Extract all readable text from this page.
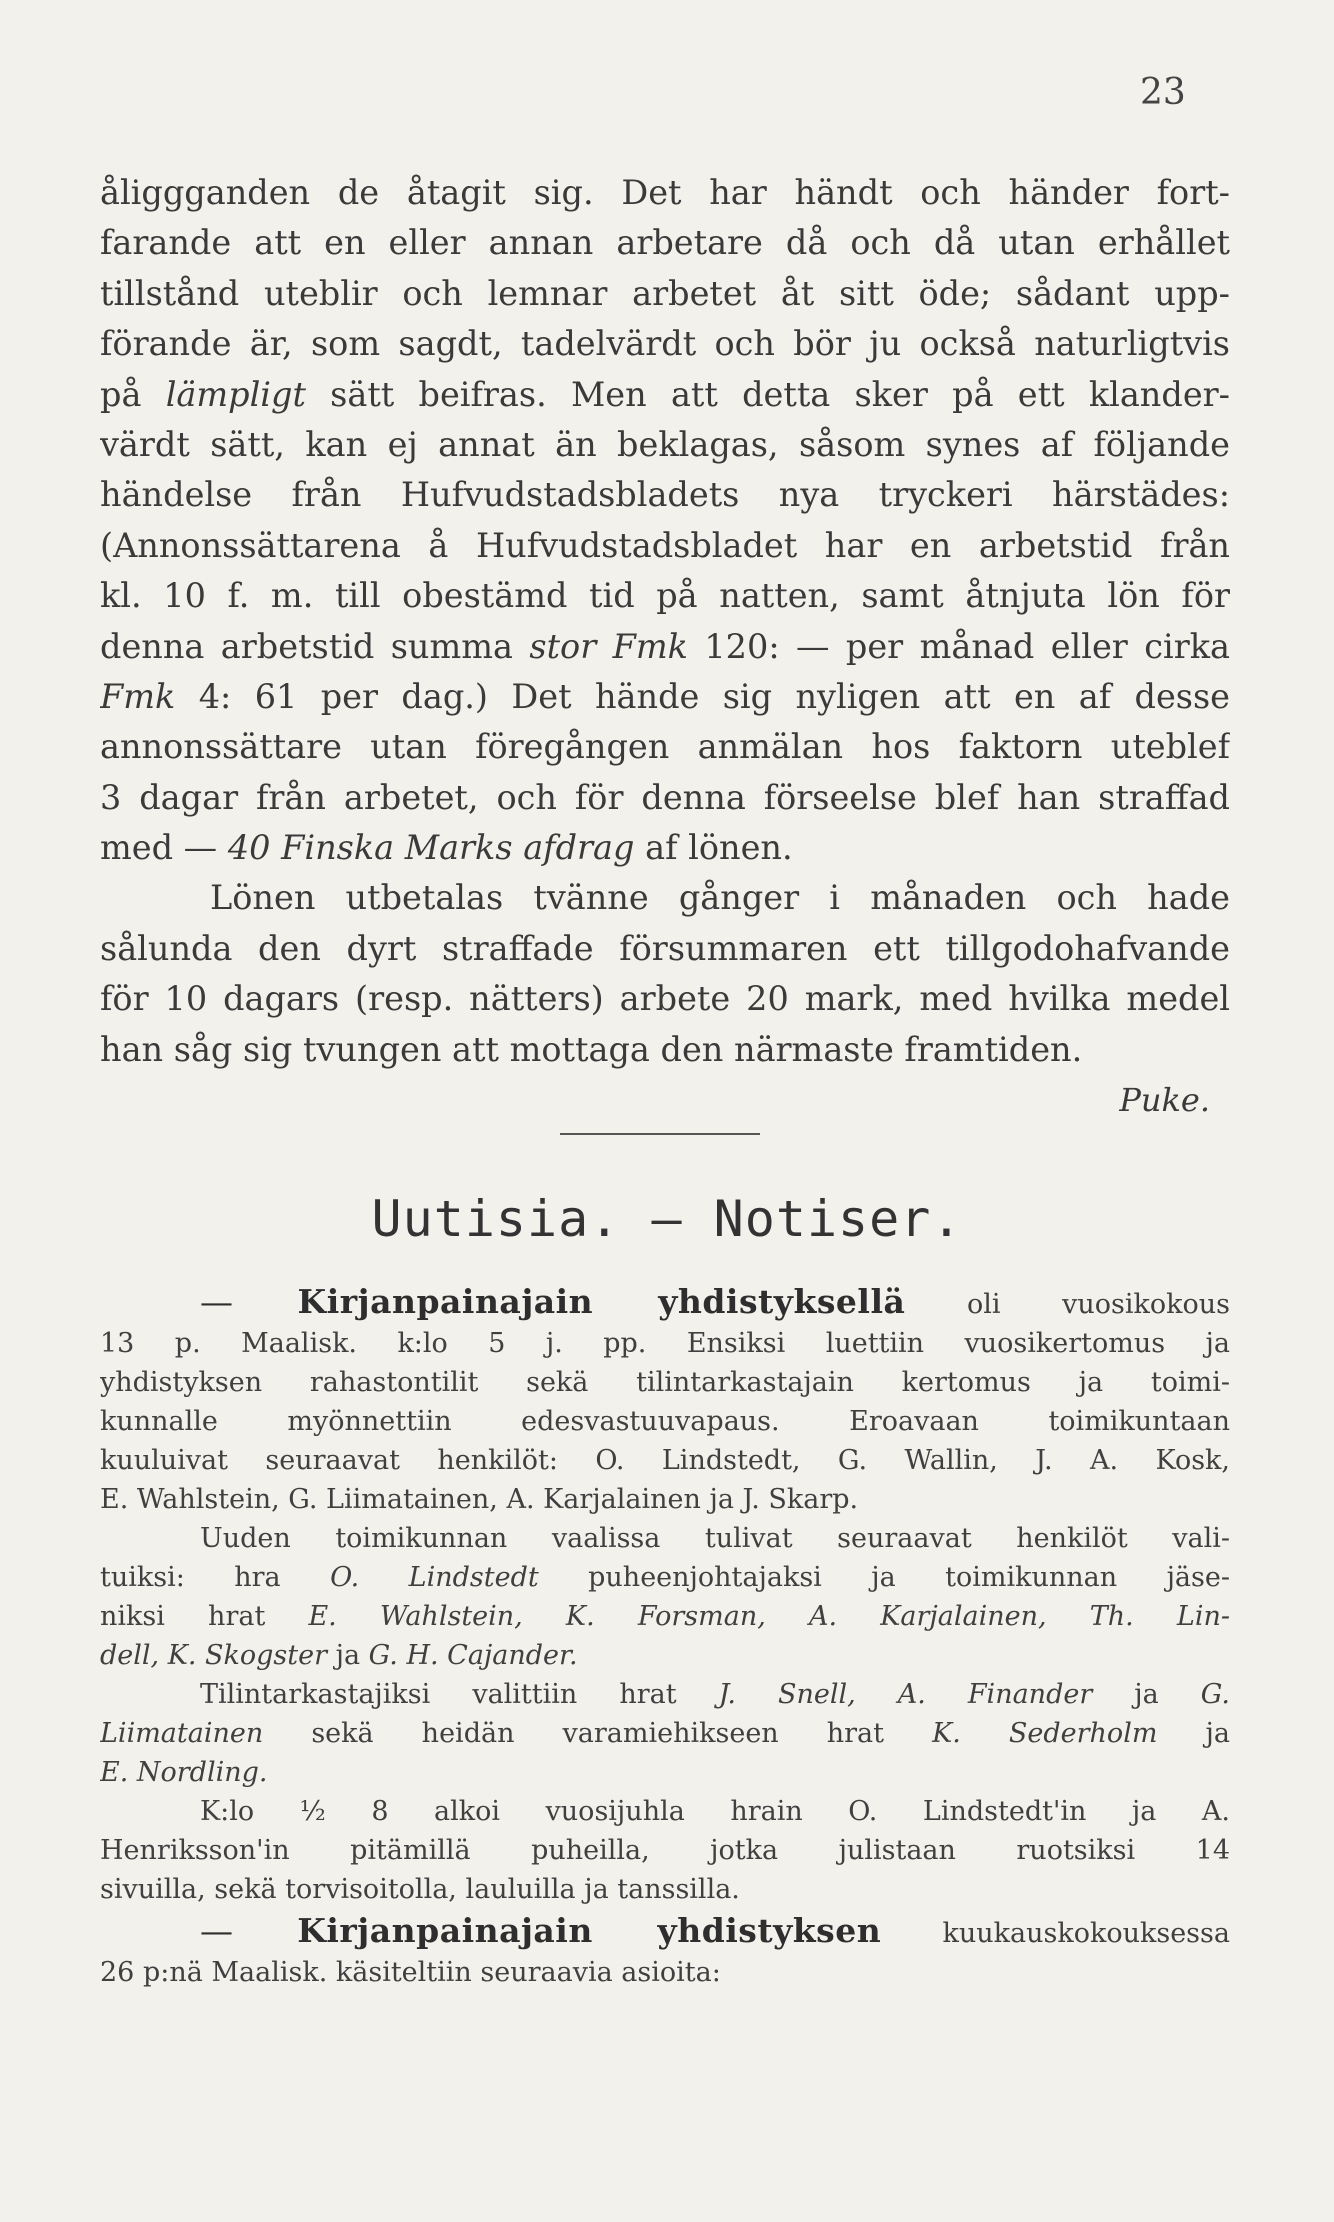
23
åliggganden de åtagit sig. Det har händt och händer fort-
farande att en eller annan arbetare då och då utan erhållet
tillstånd uteblir och lemnar arbetet åt sitt öde; sådant upp-
förande är, som sagdt, tadelvärdt och bör ju också naturligtvis
på lämpligt sätt beifras. Men att detta sker på ett klander-
värdt sätt, kan ej annat än beklagas, såsom synes af följande
händelse från Hufvudstadsbladets nya tryckeri härstädes:
(Annonssättarena å Hufvudstadsbladet har en arbetstid från
kl. 10 f. m. till obestämd tid på natten, samt åtnjuta lön för
denna arbetstid summa stor Fmk 120: — per månad eller cirka
Fmk 4: 61 per dag.) Det hände sig nyligen att en af desse
annonssättare utan föregången anmälan hos faktorn uteblef
3 dagar från arbetet, och för denna förseelse blef han straffad
med — 40 Finska Marks afdrag af lönen.
Lönen utbetalas tvänne gånger i månaden och hade
sålunda den dyrt straffade försummaren ett tillgodohafvande
för 10 dagars (resp. nätters) arbete 20 mark, med hvilka medel
han såg sig tvungen att mottaga den närmaste framtiden.
Puke.
Uutisia. — Notiser.
— Kirjanpainajain yhdistyksellä oli vuosikokous
13 p. Maalisk. k:lo 5 j. pp. Ensiksi luettiin vuosikertomus ja
yhdistyksen rahastontilit sekä tilintarkastajain kertomus ja toimi-
kunnalle myönnettiin edesvastuuvapaus. Eroavaan toimikuntaan
kuuluivat seuraavat henkilöt: O. Lindstedt, G. Wallin, J. A. Kosk,
E. Wahlstein, G. Liimatainen, A. Karjalainen ja J. Skarp.
Uuden toimikunnan vaalissa tulivat seuraavat henkilöt vali-
tuiksi: hra O. Lindstedt puheenjohtajaksi ja toimikunnan jäse-
niksi hrat E. Wahlstein, K. Forsman, A. Karjalainen, Th. Lin-
dell, K. Skogster ja G. H. Cajander.
Tilintarkastajiksi valittiin hrat J. Snell, A. Finander ja G.
Liimatainen sekä heidän varamiehikseen hrat K. Sederholm ja
E. Nordling.
K:lo ½ 8 alkoi vuosijuhla hrain O. Lindstedt'in ja A.
Henriksson'in pitämillä puheilla, jotka julistaan ruotsiksi 14
sivuilla, sekä torvisoitolla, lauluilla ja tanssilla.
— Kirjanpainajain yhdistyksen kuukauskokouksessa
26 p:nä Maalisk. käsiteltiin seuraavia asioita:
